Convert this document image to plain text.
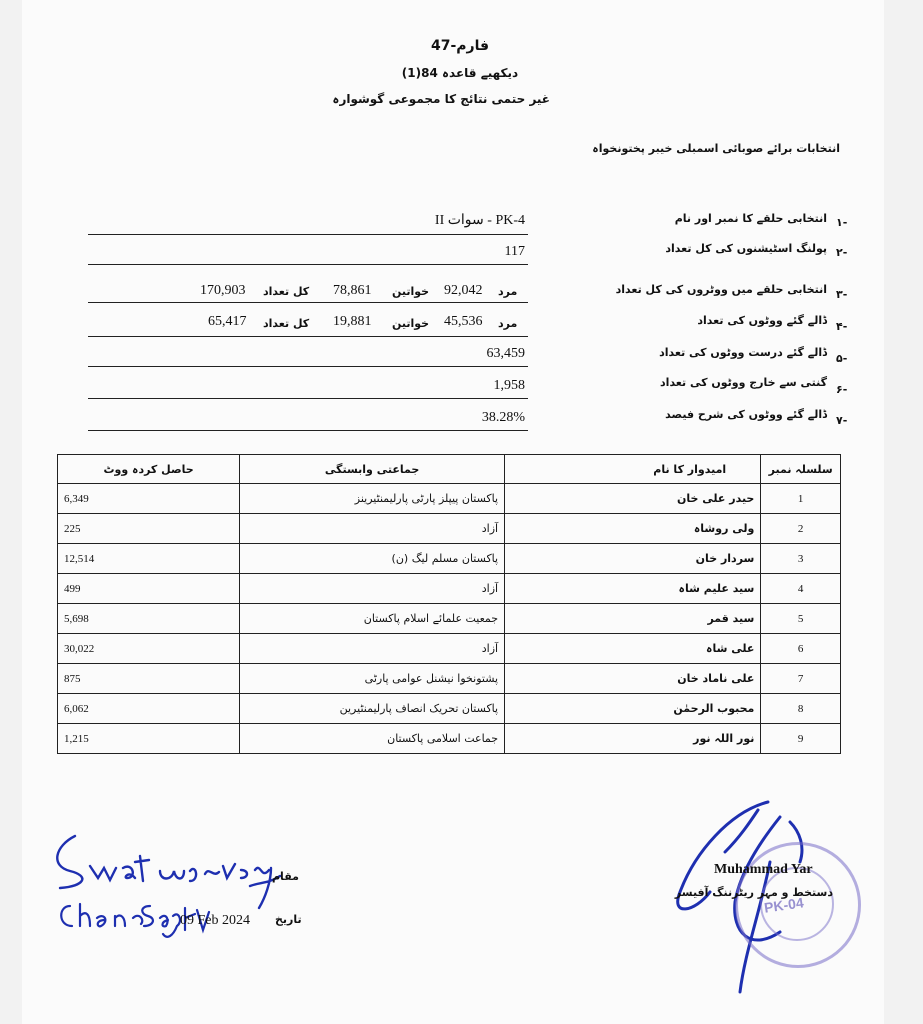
فارم-47
دیکھیے قاعدہ 84(1)
غیر حتمی نتائج کا مجموعی گوشوارہ
انتخابات برائے صوبائی اسمبلی خیبر پختونخواہ
۱-
انتخابی حلقے کا نمبر اور نام
PK-4 - سوات II
۲-
پولنگ اسٹیشنوں کی کل تعداد
117
۳-
انتخابی حلقے میں ووٹروں کی کل تعداد
مرد
92,042
خواتین
78,861
کل تعداد
170,903
۴-
ڈالے گئے ووٹوں کی تعداد
مرد
45,536
خواتین
19,881
کل تعداد
65,417
۵-
ڈالے گئے درست ووٹوں کی تعداد
63,459
۶-
گنتی سے خارج ووٹوں کی تعداد
1,958
۷-
ڈالے گئے ووٹوں کی شرح فیصد
38.28%
حاصل کردہ ووٹ	جماعتی وابستگی	امیدوار کا نام	سلسلہ نمبر
6,349	پاکستان پیپلز پارٹی پارلیمنٹیرینز	حیدر علی خان	1
225	آزاد	ولی روشاہ	2
12,514	پاکستان مسلم لیگ (ن)	سردار خان	3
499	آزاد	سید علیم شاہ	4
5,698	جمعیت علمائے اسلام پاکستان	سید قمر	5
30,022	آزاد	علی شاہ	6
875	پشتونخوا نیشنل عوامی پارٹی	علی ناماد خان	7
6,062	پاکستان تحریک انصاف پارلیمنٹیرین	محبوب الرحمٰن	8
1,215	جماعت اسلامی پاکستان	نور اللہ نور	9
مقام
09 Feb 2024 تاریخ
Swat university Chena Sagh
PK-04
Muhammad Yar
دستخط و مہر ریٹرننگ آفیسر
